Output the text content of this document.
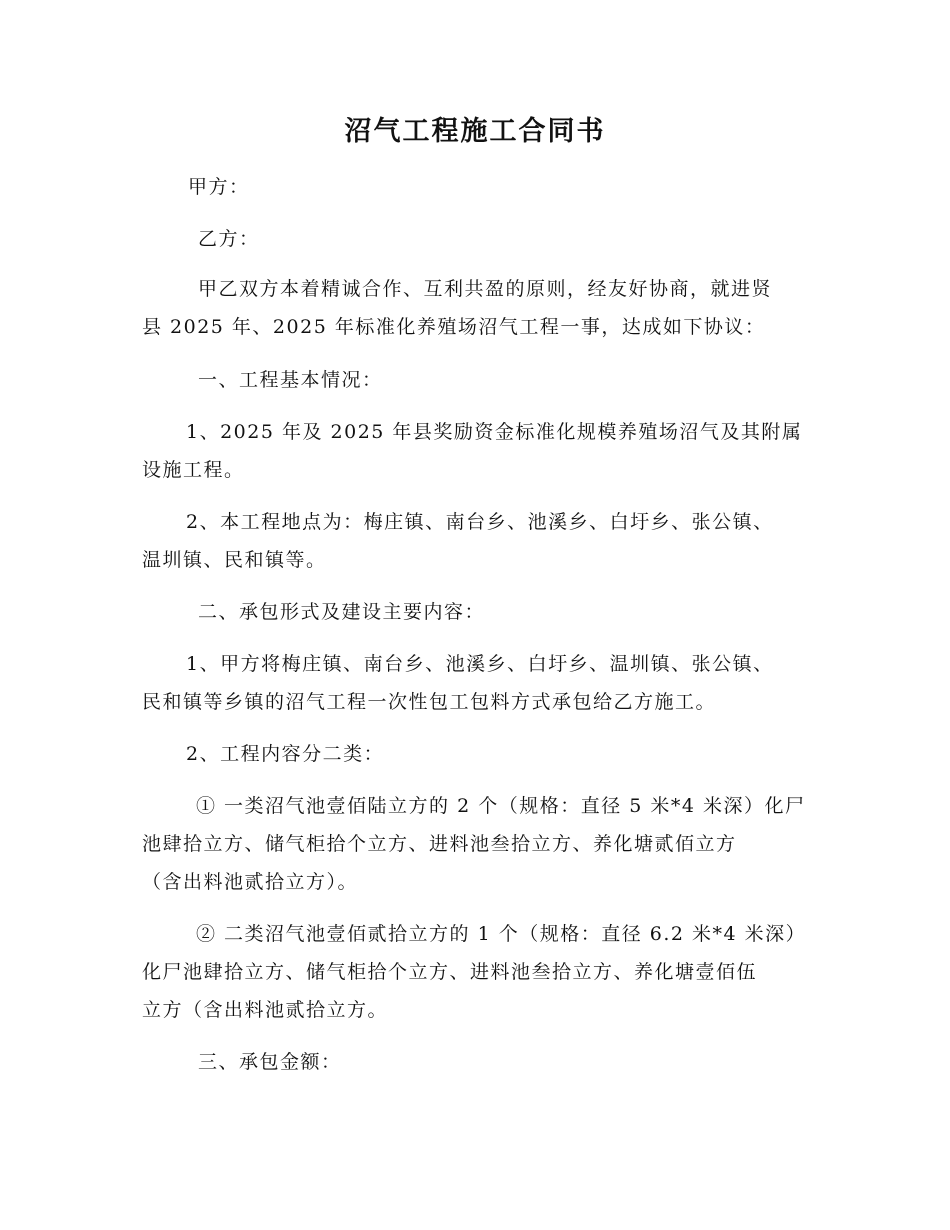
沼气工程施工合同书
甲方：
乙方：
甲乙双方本着精诚合作、互利共盈的原则，经友好协商，就进贤
县 2025 年、2025 年标准化养殖场沼气工程一事，达成如下协议：
一、工程基本情况：
1、2025 年及 2025 年县奖励资金标准化规模养殖场沼气及其附属
设施工程。
2、本工程地点为：梅庄镇、南台乡、池溪乡、白圩乡、张公镇、
温圳镇、民和镇等。
二、承包形式及建设主要内容：
1、甲方将梅庄镇、南台乡、池溪乡、白圩乡、温圳镇、张公镇、
民和镇等乡镇的沼气工程一次性包工包料方式承包给乙方施工。
2、工程内容分二类：
① 一类沼气池壹佰陆立方的 2 个（规格：直径 5 米*4 米深）化尸
池肆拾立方、储气柜拾个立方、进料池叁拾立方、养化塘贰佰立方
（含出料池贰拾立方）。
② 二类沼气池壹佰贰拾立方的 1 个（规格：直径 6.2 米*4 米深）
化尸池肆拾立方、储气柜拾个立方、进料池叁拾立方、养化塘壹佰伍
立方（含出料池贰拾立方。
三、承包金额：
